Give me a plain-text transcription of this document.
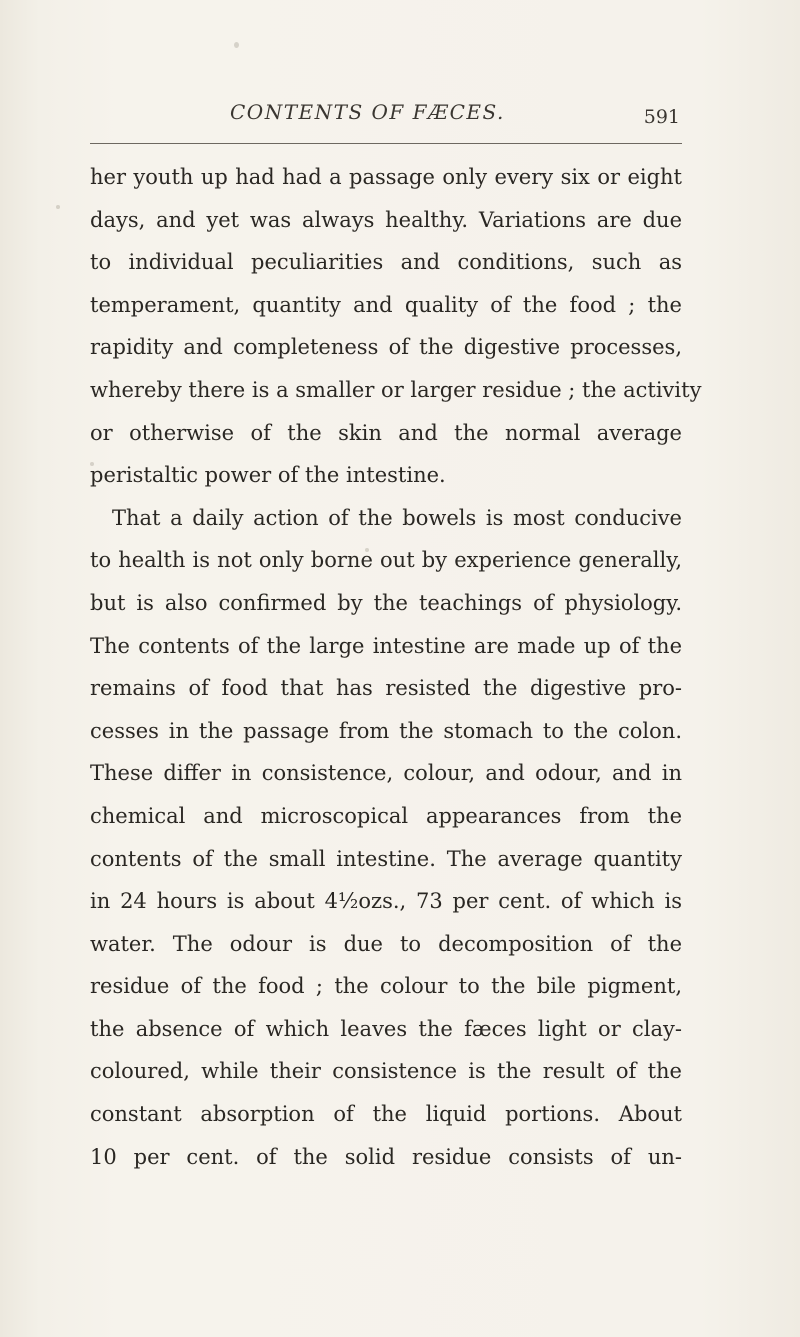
CONTENTS OF FÆCES.	591
her youth up had had a passage only every six or eight
days, and yet was always healthy. Variations are due
to individual peculiarities and conditions, such as
temperament, quantity and quality of the food ; the
rapidity and completeness of the digestive processes,
whereby there is a smaller or larger residue ; the activity
or otherwise of the skin and the normal average
peristaltic power of the intestine.
That a daily action of the bowels is most conducive
to health is not only borne out by experience generally,
but is also confirmed by the teachings of physiology.
The contents of the large intestine are made up of the
remains of food that has resisted the digestive pro-
cesses in the passage from the stomach to the colon.
These differ in consistence, colour, and odour, and in
chemical and microscopical appearances from the
contents of the small intestine. The average quantity
in 24 hours is about 4½ozs., 73 per cent. of which is
water. The odour is due to decomposition of the
residue of the food ; the colour to the bile pigment,
the absence of which leaves the fæces light or clay-
coloured, while their consistence is the result of the
constant absorption of the liquid portions. About
10 per cent. of the solid residue consists of un-
